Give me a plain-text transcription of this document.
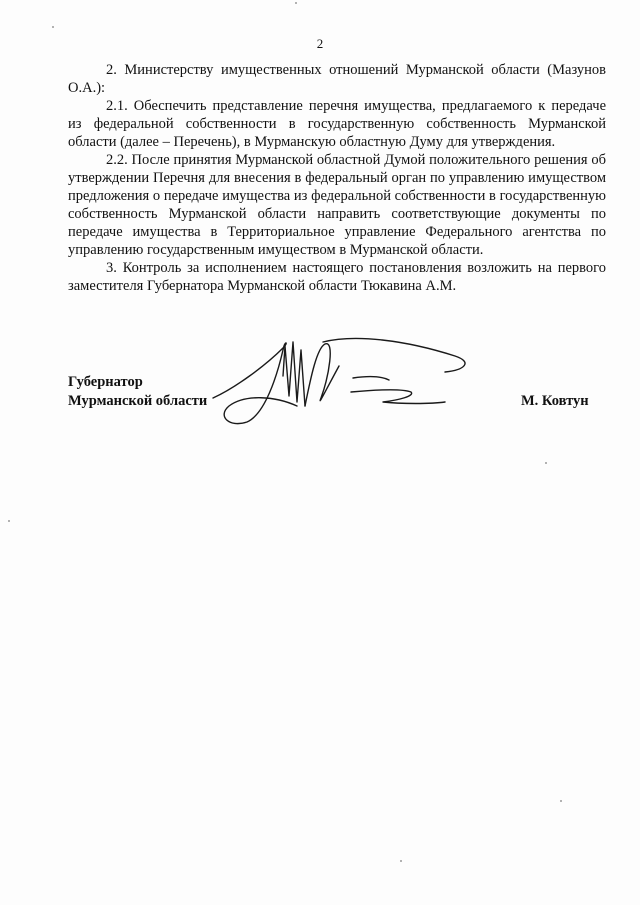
2

2. Министерству имущественных отношений Мурманской области (Мазунов О.А.):

2.1. Обеспечить представление перечня имущества, предлагаемого к передаче из федеральной собственности в государственную собственность Мурманской области (далее – Перечень), в Мурманскую областную Думу для утверждения.

2.2. После принятия Мурманской областной Думой положительного решения об утверждении Перечня для внесения в федеральный орган по управлению имуществом предложения о передаче имущества из федеральной собственности в государственную собственность Мурманской области направить соответствующие документы по передаче имущества в Территориальное управление Федерального агентства по управлению государственным имуществом в Мурманской области.

3. Контроль за исполнением настоящего постановления возложить на первого заместителя Губернатора Мурманской области Тюкавина А.М.

Губернатор
Мурманской области	М. Ковтун
